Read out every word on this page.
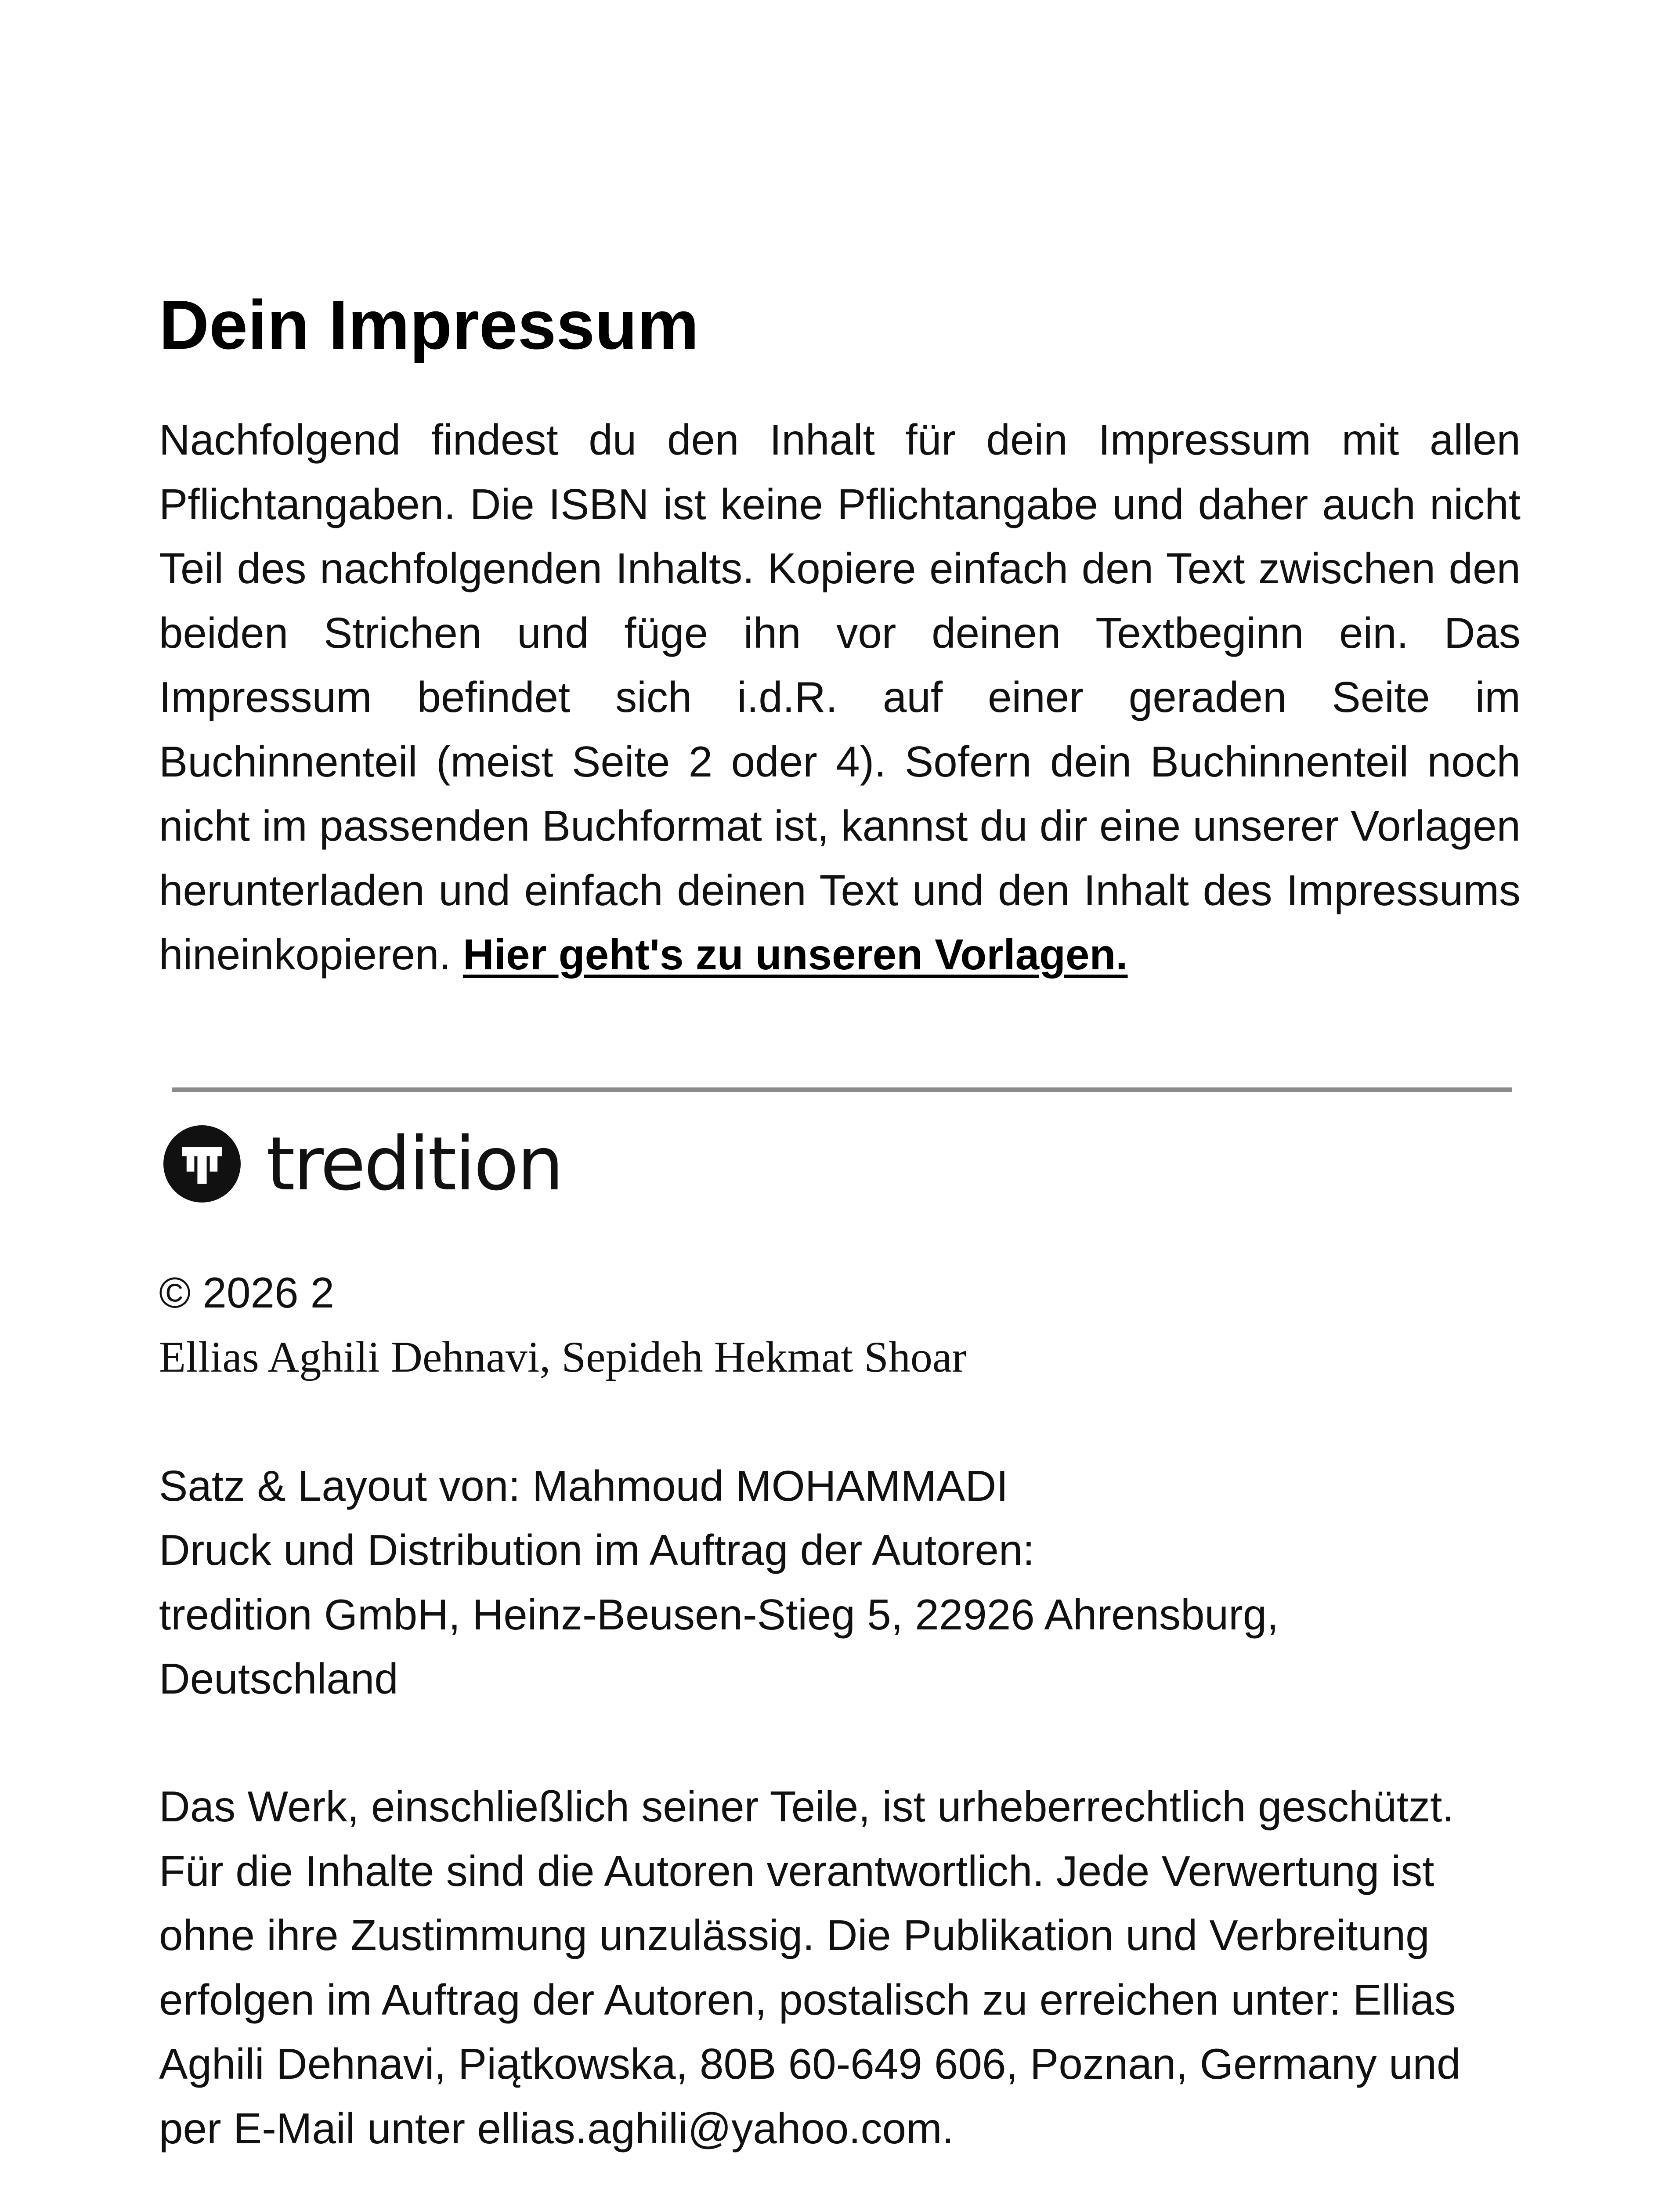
Dein Impressum

Nachfolgend findest du den Inhalt für dein Impressum mit allen Pflichtangaben. Die ISBN ist keine Pflichtangabe und daher auch nicht Teil des nachfolgenden Inhalts. Kopiere einfach den Text zwischen den beiden Strichen und füge ihn vor deinen Textbeginn ein. Das Impressum befindet sich i.d.R. auf einer geraden Seite im Buchinnenteil (meist Seite 2 oder 4). Sofern dein Buchinnenteil noch nicht im passenden Buchformat ist, kannst du dir eine unserer Vorlagen herunterladen und einfach deinen Text und den Inhalt des Impressums hineinkopieren. Hier geht's zu unseren Vorlagen.

tredition
© 2026 2
Ellias Aghili Dehnavi, Sepideh Hekmat Shoar
Satz & Layout von: Mahmoud MOHAMMADI
Druck und Distribution im Auftrag der Autoren:
tredition GmbH, Heinz-Beusen-Stieg 5, 22926 Ahrensburg,
Deutschland

Das Werk, einschließlich seiner Teile, ist urheberrechtlich geschützt. Für die Inhalte sind die Autoren verantwortlich. Jede Verwertung ist ohne ihre Zustimmung unzulässig. Die Publikation und Verbreitung erfolgen im Auftrag der Autoren, postalisch zu erreichen unter: Ellias Aghili Dehnavi, Piątkowska, 80B 60-649 606, Poznan, Germany und per E-Mail unter ellias.aghili@yahoo.com.
